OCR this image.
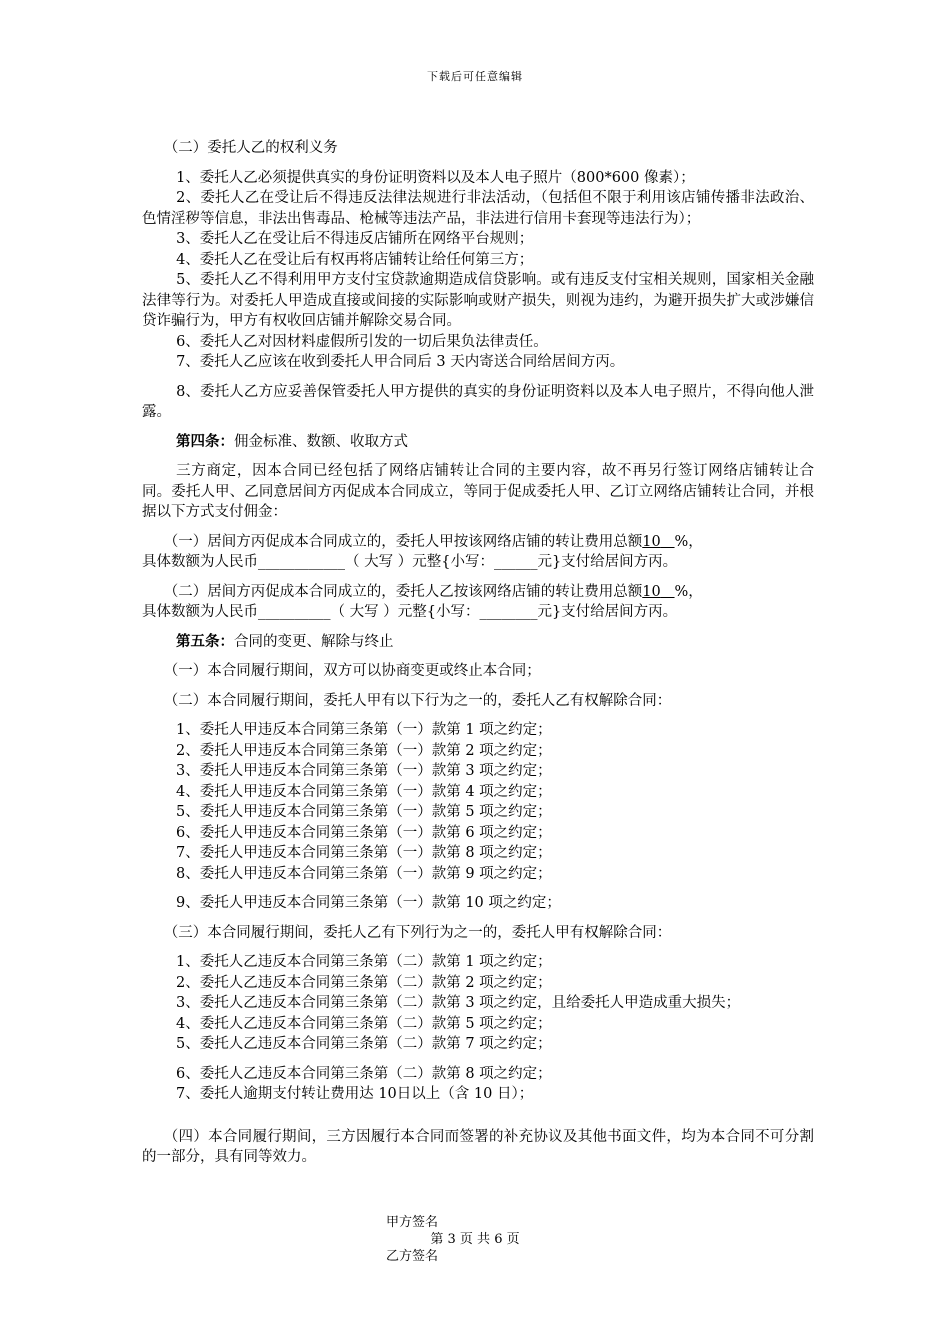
下载后可任意编辑

（二）委托人乙的权利义务

1、委托人乙必须提供真实的身份证明资料以及本人电子照片（800*600 像素）；

2、委托人乙在受让后不得违反法律法规进行非法活动，（包括但不限于利用该店铺传播非法政治、色情淫秽等信息，非法出售毒品、枪械等违法产品，非法进行信用卡套现等违法行为）；

3、委托人乙在受让后不得违反店铺所在网络平台规则；

4、委托人乙在受让后有权再将店铺转让给任何第三方；

5、委托人乙不得利用甲方支付宝贷款逾期造成信贷影响。或有违反支付宝相关规则，国家相关金融法律等行为。对委托人甲造成直接或间接的实际影响或财产损失，则视为违约，为避开损失扩大或涉嫌信贷诈骗行为，甲方有权收回店铺并解除交易合同。

6、委托人乙对因材料虚假所引发的一切后果负法律责任。

7、委托人乙应该在收到委托人甲合同后 3 天内寄送合同给居间方丙。

8、委托人乙方应妥善保管委托人甲方提供的真实的身份证明资料以及本人电子照片，不得向他人泄露。

第四条：佣金标准、数额、收取方式

三方商定，因本合同已经包括了网络店铺转让合同的主要内容，故不再另行签订网络店铺转让合同。委托人甲、乙同意居间方丙促成本合同成立，等同于促成委托人甲、乙订立网络店铺转让合同，并根据以下方式支付佣金：

（一）居间方丙促成本合同成立的，委托人甲按该网络店铺的转让费用总额10 %，
具体数额为人民币____________（ 大写 ）元整{小写：______元}支付给居间方丙。

（二）居间方丙促成本合同成立的，委托人乙按该网络店铺的转让费用总额10 %，
具体数额为人民币__________（ 大写 ）元整{小写：________元}支付给居间方丙。

第五条：合同的变更、解除与终止

（一）本合同履行期间，双方可以协商变更或终止本合同；

（二）本合同履行期间，委托人甲有以下行为之一的，委托人乙有权解除合同：

1、委托人甲违反本合同第三条第（一）款第 1 项之约定；

2、委托人甲违反本合同第三条第（一）款第 2 项之约定；

3、委托人甲违反本合同第三条第（一）款第 3 项之约定；

4、委托人甲违反本合同第三条第（一）款第 4 项之约定；

5、委托人甲违反本合同第三条第（一）款第 5 项之约定；

6、委托人甲违反本合同第三条第（一）款第 6 项之约定；

7、委托人甲违反本合同第三条第（一）款第 8 项之约定；

8、委托人甲违反本合同第三条第（一）款第 9 项之约定；

9、委托人甲违反本合同第三条第（一）款第 10 项之约定；

（三）本合同履行期间，委托人乙有下列行为之一的，委托人甲有权解除合同：

1、委托人乙违反本合同第三条第（二）款第 1 项之约定；

2、委托人乙违反本合同第三条第（二）款第 2 项之约定；

3、委托人乙违反本合同第三条第（二）款第 3 项之约定，且给委托人甲造成重大损失；

4、委托人乙违反本合同第三条第（二）款第 5 项之约定；

5、委托人乙违反本合同第三条第（二）款第 7 项之约定；

6、委托人乙违反本合同第三条第（二）款第 8 项之约定；

7、委托人逾期支付转让费用达 10日以上（含 10 日）；

（四）本合同履行期间，三方因履行本合同而签署的补充协议及其他书面文件，均为本合同不可分割的一部分，具有同等效力。

甲方签名
第 3 页 共 6 页
乙方签名
